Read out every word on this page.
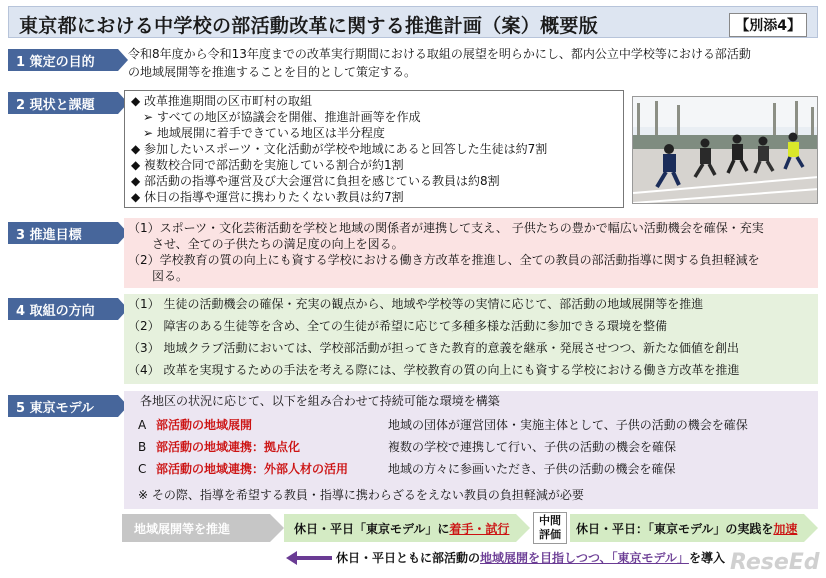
東京都における中学校の部活動改革に関する推進計画（案）概要版	【別添4】
1 策定の目的
令和8年度から令和13年度までの改革実行期間における取組の展望を明らかにし、都内公立中学校等における部活動
の地域展開等を推進することを目的として策定する。
2 現状と課題	◆ 改革推進期間の区市町村の取組
　➢ すべての地区が協議会を開催、推進計画等を作成
　➢ 地域展開に着手できている地区は半分程度
◆ 参加したいスポーツ・文化活動が学校や地域にあると回答した生徒は約7割
◆ 複数校合同で部活動を実施している割合が約1割
◆ 部活動の指導や運営及び大会運営に負担を感じている教員は約8割
◆ 休日の指導や運営に携わりたくない教員は約7割
3 推進目標	（1）スポーツ・文化芸術活動を学校と地域の関係者が連携して支え、 子供たちの豊かで幅広い活動機会を確保・充実
　　させ、全ての子供たちの満足度の向上を図る。
（2）学校教育の質の向上にも資する学校における働き方改革を推進し、全ての教員の部活動指導に関する負担軽減を
　　図る。
4 取組の方向	（1） 生徒の活動機会の確保・充実の観点から、地域や学校等の実情に応じて、部活動の地域展開等を推進
（2） 障害のある生徒等を含め、全ての生徒が希望に応じて多種多様な活動に参加できる環境を整備
（3） 地域クラブ活動においては、学校部活動が担ってきた教育的意義を継承・発展させつつ、新たな価値を創出
（4） 改革を実現するための手法を考える際には、学校教育の質の向上にも資する学校における働き方改革を推進
5 東京モデル	各地区の状況に応じて、以下を組み合わせて持続可能な環境を構築
A 部活動の地域展開	地域の団体が運営団体・実施主体として、子供の活動の機会を確保
B 部活動の地域連携：拠点化	複数の学校で連携して行い、子供の活動の機会を確保
C 部活動の地域連携：外部人材の活用	地域の方々に参画いただき、子供の活動の機会を確保
※ その際、指導を希望する教員・指導に携わらざるをえない教員の負担軽減が必要
地域展開等を推進	休日・平日「東京モデル」に着手・試行
中間
評価	休日・平日：「東京モデル」の実践を加速
休日・平日ともに部活動の地域展開を目指しつつ、「東京モデル」を導入 ReseEd
